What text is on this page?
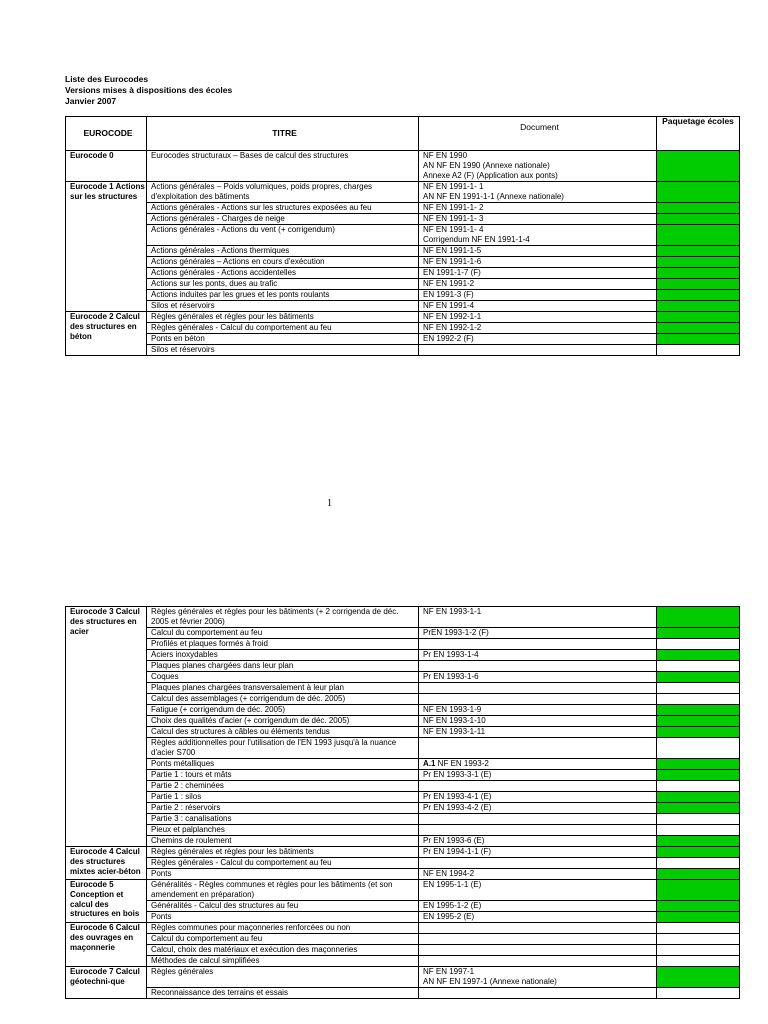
Liste des Eurocodes
Versions mises à dispositions des écoles
Janvier 2007
EUROCODE	TITRE	Document	Paquetage écoles
Eurocode 0	Eurocodes structuraux – Bases de calcul des structures	NF EN 1990
AN NF EN 1990 (Annexe nationale)
Annexe A2 (F) (Application aux ponts)	
Eurocode 1 Actions sur les structures	Actions générales – Poids volumiques, poids propres, charges d'exploitation des bâtiments	NF EN 1991-1- 1
AN NF EN 1991-1-1 (Annexe nationale)	
	Actions générales - Actions sur les structures exposées au feu	NF EN 1991-1- 2	
	Actions générales - Charges de neige	NF EN 1991-1- 3	
	Actions générales - Actions du vent (+ corrigendum)	NF EN 1991-1- 4
Corrigendum NF EN 1991-1-4	
	Actions générales - Actions thermiques	NF EN 1991-1-5	
	Actions générales – Actions en cours d'exécution	NF EN 1991-1-6	
	Actions générales - Actions accidentelles	EN 1991-1-7 (F)	
	Actions sur les ponts, dues au trafic	NF EN 1991-2	
	Actions induites par les grues et les ponts roulants	EN 1991-3 (F)	
	Silos et réservoirs	NF EN 1991-4	
Eurocode 2 Calcul des structures en béton	Règles générales et règles pour les bâtiments	NF EN 1992-1-1	
	Règles générales - Calcul du comportement au feu	NF EN 1992-1-2	
	Ponts en béton	EN 1992-2 (F)	
	Silos et réservoirs		
1
Eurocode 3 Calcul des structures en acier	Règles générales et règles pour les bâtiments (+ 2 corrigenda de déc. 2005 et février 2006)	NF EN 1993-1-1	
	Calcul du comportement au feu	PrEN 1993-1-2 (F)	
	Profilés et plaques formés à froid		
	Aciers inoxydables	Pr EN 1993-1-4	
	Plaques planes chargées dans leur plan		
	Coques	Pr EN 1993-1-6	
	Plaques planes chargées transversalement à leur plan		
	Calcul des assemblages (+ corrigendum de déc. 2005)		
	Fatigue (+ corrigendum de déc. 2005)	NF EN 1993-1-9	
	Choix des qualités d'acier (+ corrigendum de déc. 2005)	NF EN 1993-1-10	
	Calcul des structures à câbles ou éléments tendus	NF EN 1993-1-11	
	Règles additionnelles pour l'utilisation de l'EN 1993 jusqu'à la nuance d'acier S700		
	Ponts métalliques	A.1 NF EN 1993-2	
	Partie 1 : tours et mâts	Pr EN 1993-3-1 (E)	
	Partie 2 : cheminées		
	Partie 1 : silos	Pr EN 1993-4-1 (E)	
	Partie 2 : réservoirs	Pr EN 1993-4-2 (E)	
	Partie 3 : canalisations		
	Pieux et palplanches		
	Chemins de roulement	Pr EN 1993-6 (E)	
Eurocode 4 Calcul des structures mixtes acier-béton	Règles générales et règles pour les bâtiments	Pr EN 1994-1-1 (F)	
	Règles générales - Calcul du comportement au feu		
	Ponts	NF EN 1994-2	
Eurocode 5 Conception et calcul des structures en bois	Généralités - Règles communes et règles pour les bâtiments (et son amendement en préparation)	EN 1995-1-1 (E)	
	Généralités - Calcul des structures au feu	EN 1995-1-2 (E)	
	Ponts	EN 1995-2 (E)	
Eurocode 6 Calcul des ouvrages en maçonnerie	Règles communes pour maçonneries renforcées ou non		
	Calcul du comportement au feu		
	Calcul, choix des matériaux et exécution des maçonneries		
	Méthodes de calcul simplifiées		
Eurocode 7 Calcul géotechni-que	Règles générales	NF EN 1997-1
AN NF EN 1997-1 (Annexe nationale)	
	Reconnaissance des terrains et essais		
